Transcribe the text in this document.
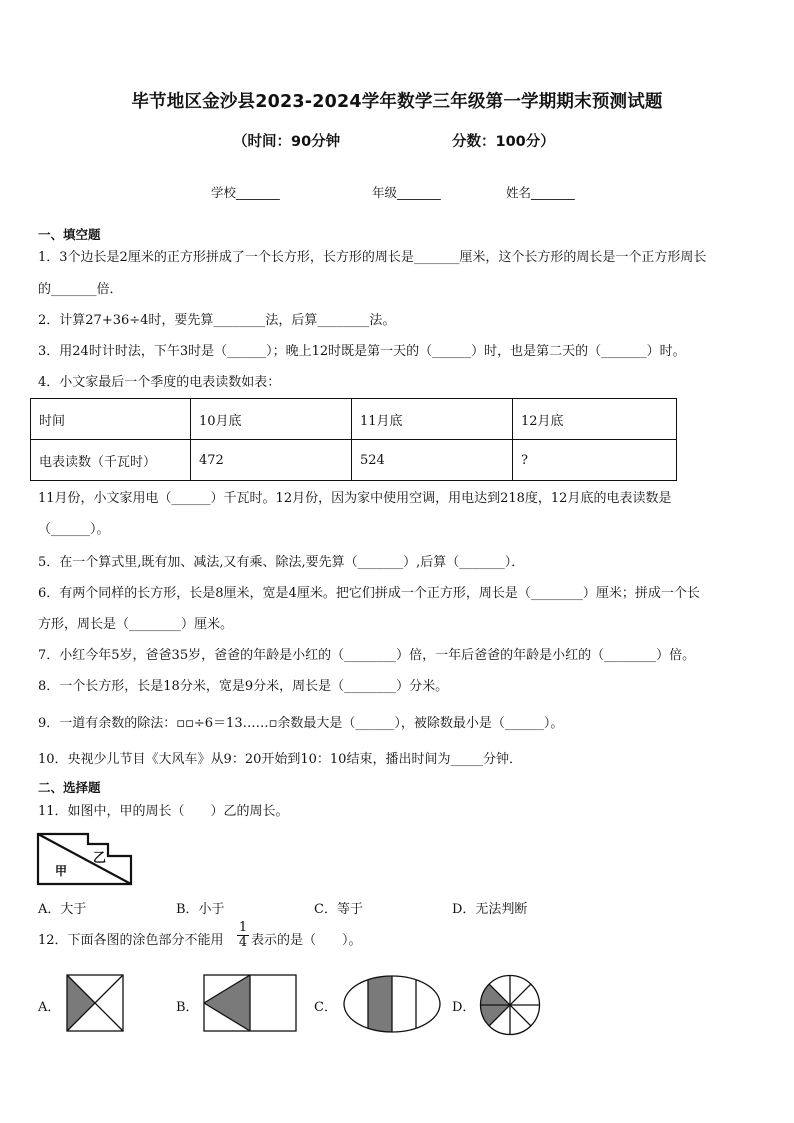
毕节地区金沙县2023-2024学年数学三年级第一学期期末预测试题
（时间：90分钟	分数：100分）
学校_______	年级_______	姓名_______
一、填空题
1．3个边长是2厘米的正方形拼成了一个长方形，长方形的周长是_______厘米，这个长方形的周长是一个正方形周长
的_______倍．
2．计算27+36÷4时，要先算________法，后算________法。
3．用24时计时法，下午3时是（______）；晚上12时既是第一天的（______）时，也是第二天的（_______）时。
4．小文家最后一个季度的电表读数如表：
时间	10月底	11月底	12月底
电表读数（千瓦时）	472	524	?
11月份，小文家用电（______）千瓦时。12月份，因为家中使用空调，用电达到218度，12月底的电表读数是
（______）。
5．在一个算式里,既有加、减法,又有乘、除法,要先算（_______）,后算（_______）．
6．有两个同样的长方形，长是8厘米，宽是4厘米。把它们拼成一个正方形，周长是（________）厘米；拼成一个长
方形，周长是（________）厘米。
7．小红今年5岁，爸爸35岁，爸爸的年龄是小红的（________）倍，一年后爸爸的年龄是小红的（________）倍。
8．一个长方形，长是18分米，宽是9分米，周长是（________）分米。
9．一道有余数的除法：▫▫÷6＝13……▫余数最大是（______），被除数最小是（______）。
10．央视少儿节目《大风车》从9：20开始到10：10结束，播出时间为_____分钟．
二、选择题
11．如图中，甲的周长（　　）乙的周长。
甲
乙
A．大于	B．小于	C．等于	D．无法判断
12．下面各图的涂色部分不能用 $\frac{1}{4}$ 表示的是（　　）。
A．	B．	C．	D．
